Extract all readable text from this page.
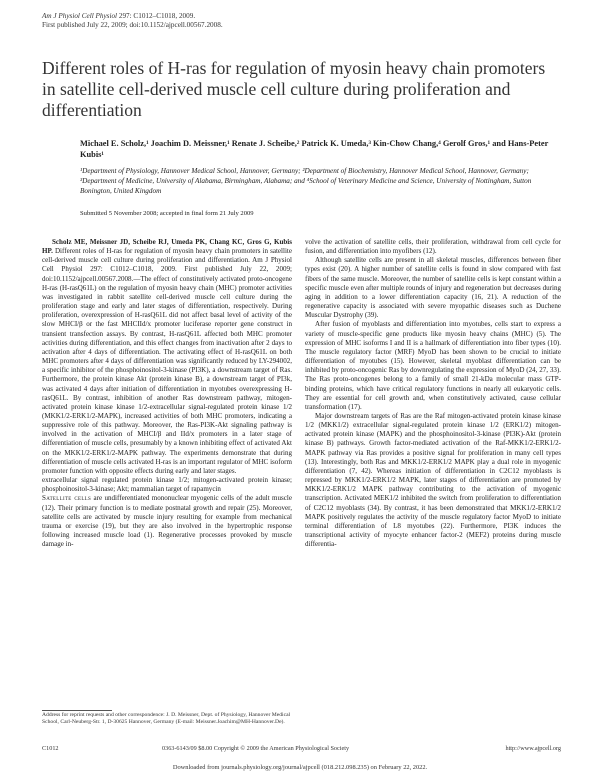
Am J Physiol Cell Physiol 297: C1012–C1018, 2009.
First published July 22, 2009; doi:10.1152/ajpcell.00567.2008.
Different roles of H-ras for regulation of myosin heavy chain promoters in satellite cell-derived muscle cell culture during proliferation and differentiation
Michael E. Scholz,¹ Joachim D. Meissner,¹ Renate J. Scheibe,² Patrick K. Umeda,³ Kin-Chow Chang,⁴ Gerolf Gros,¹ and Hans-Peter Kubis¹
¹Department of Physiology, Hannover Medical School, Hannover, Germany; ²Department of Biochemistry, Hannover Medical School, Hannover, Germany; ³Department of Medicine, University of Alabama, Birmingham, Alabama; and ⁴School of Veterinary Medicine and Science, University of Nottingham, Sutton Bonington, United Kingdom
Submitted 5 November 2008; accepted in final form 21 July 2009

Scholz ME, Meissner JD, Scheibe RJ, Umeda PK, Chang KC, Gros G, Kubis HP. Different roles of H-ras for regulation of myosin heavy chain promoters in satellite cell-derived muscle cell culture during proliferation and differentiation. Am J Physiol Cell Physiol 297: C1012–C1018, 2009. First published July 22, 2009; doi:10.1152/ajpcell.00567.2008.—The effect of constitutively activated proto-oncogene H-ras (H-rasQ61L) on the regulation of myosin heavy chain (MHC) promoter activities was investigated in rabbit satellite cell-derived muscle cell culture during the proliferation stage and early and later stages of differentiation, respectively. During proliferation, overexpression of H-rasQ61L did not affect basal level of activity of the slow MHCI/β or the fast MHCIId/x promoter luciferase reporter gene construct in transient transfection assays. By contrast, H-rasQ61L affected both MHC promoter activities during differentiation, and this effect changes from inactivation after 2 days to activation after 4 days of differentiation. The activating effect of H-rasQ61L on both MHC promoters after 4 days of differentiation was significantly reduced by LY-294002, a specific inhibitor of the phosphoinositol-3-kinase (PI3K), a downstream target of Ras. Furthermore, the protein kinase Akt (protein kinase B), a downstream target of PI3k, was activated 4 days after initiation of differentiation in myotubes overexpressing H-rasQ61L. By contrast, inhibition of another Ras downstream pathway, mitogen-activated protein kinase kinase 1/2-extracellular signal-regulated protein kinase 1/2 (MKK1/2-ERK1/2-MAPK), increased activities of both MHC promoters, indicating a suppressive role of this pathway. Moreover, the Ras-PI3K-Akt signaling pathway is involved in the activation of MHCI/β and IId/x promoters in a later stage of differentiation of muscle cells, presumably by a known inhibiting effect of activated Akt on the MKK1/2-ERK1/2-MAPK pathway. The experiments demonstrate that during differentiation of muscle cells activated H-ras is an important regulator of MHC isoform promoter function with opposite effects during early and later stages.

extracellular signal regulated protein kinase 1/2; mitogen-activated protein kinase; phosphoinositol-3-kinase; Akt; mammalian target of rapamycin

Satellite cells are undifferentiated mononuclear myogenic cells of the adult muscle (12). Their primary function is to mediate postnatal growth and repair (25). Moreover, satellite cells are activated by muscle injury resulting for example from mechanical trauma or exercise (19), but they are also involved in the hypertrophic response following increased muscle load (1). Regenerative processes provoked by muscle damage in-

volve the activation of satellite cells, their proliferation, withdrawal from cell cycle for fusion, and differentiation into myofibers (12).

Although satellite cells are present in all skeletal muscles, differences between fiber types exist (20). A higher number of satellite cells is found in slow compared with fast fibers of the same muscle. Moreover, the number of satellite cells is kept constant within a specific muscle even after multiple rounds of injury and regeneration but decreases during aging in addition to a lower differentiation capacity (16, 21). A reduction of the regenerative capacity is associated with severe myopathic diseases such as Duchene Muscular Dystrophy (39).

After fusion of myoblasts and differentiation into myotubes, cells start to express a variety of muscle-specific gene products like myosin heavy chains (MHC) (5). The expression of MHC isoforms I and II is a hallmark of differentiation into fiber types (10). The muscle regulatory factor (MRF) MyoD has been shown to be crucial to initiate differentiation of myotubes (15). However, skeletal myoblast differentiation can be inhibited by proto-oncogenic Ras by downregulating the expression of MyoD (24, 27, 33). The Ras proto-oncogenes belong to a family of small 21-kDa molecular mass GTP-binding proteins, which have critical regulatory functions in nearly all eukaryotic cells. They are essential for cell growth and, when constitutively activated, cause cellular transformation (17).

Major downstream targets of Ras are the Raf mitogen-activated protein kinase kinase 1/2 (MKK1/2) extracellular signal-regulated protein kinase 1/2 (ERK1/2) mitogen-activated protein kinase (MAPK) and the phosphoinositol-3-kinase (PI3K)-Akt (protein kinase B) pathways. Growth factor-mediated activation of the Raf-MKK1/2-ERK1/2-MAPK pathway via Ras provides a positive signal for proliferation in many cell types (13). Interestingly, both Ras and MKK1/2-ERK1/2 MAPK play a dual role in myogenic differentiation (7, 42). Whereas initiation of differentiation in C2C12 myoblasts is repressed by MKK1/2-ERK1/2 MAPK, later stages of differentiation are promoted by MKK1/2-ERK1/2 MAPK pathway contributing to the activation of myogenic transcription. Activated MEK1/2 inhibited the switch from proliferation to differentiation of C2C12 myoblasts (34). By contrast, it has been demonstrated that MKK1/2-ERK1/2 MAPK positively regulates the activity of the muscle regulatory factor MyoD to initiate terminal differentiation of L8 myotubes (22). Furthermore, PI3K induces the transcriptional activity of myocyte enhancer factor-2 (MEF2) proteins during muscle differentia-

Address for reprint requests and other correspondence: J. D. Meissner, Dept. of Physiology, Hannover Medical School, Carl-Neuberg-Str. 1, D-30625 Hannover, Germany (E-mail: Meissner.Joachim@MH-Hannover.De).
C1012	0363-6143/09 $8.00 Copyright © 2009 the American Physiological Society	http://www.ajpcell.org
Downloaded from journals.physiology.org/journal/ajpcell (018.212.098.235) on February 22, 2022.
